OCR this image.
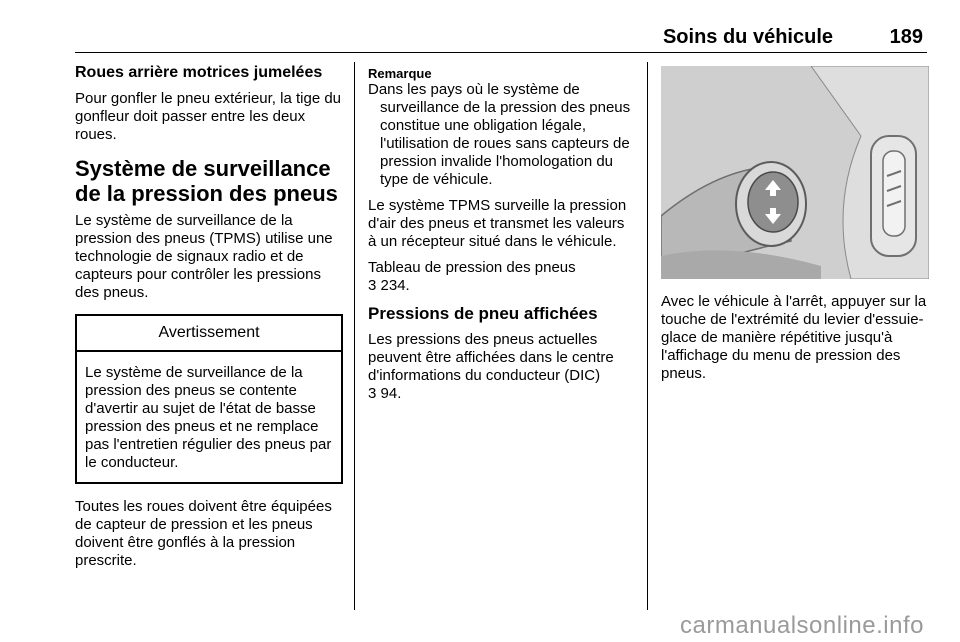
Soins du véhicule	189
Roues arrière motrices jumelées

Pour gonfler le pneu extérieur, la tige du gonfleur doit passer entre les deux roues.

Système de surveillance de la pression des pneus

Le système de surveillance de la pression des pneus (TPMS) utilise une technologie de signaux radio et de capteurs pour contrôler les pressions des pneus.

Avertissement
Le système de surveillance de la pression des pneus se contente d'avertir au sujet de l'état de basse pression des pneus et ne remplace pas l'entretien régulier des pneus par le conducteur.

Toutes les roues doivent être équipées de capteur de pression et les pneus doivent être gonflés à la pression prescrite.

Remarque
Dans les pays où le système de surveillance de la pression des pneus constitue une obligation légale, l'utilisation de roues sans capteurs de pression invalide l'homologation du type de véhicule.

Le système TPMS surveille la pression d'air des pneus et transmet les valeurs à un récepteur situé dans le véhicule.

Tableau de pression des pneus
3 234.

Pressions de pneu affichées

Les pressions des pneus actuelles peuvent être affichées dans le centre d'informations du conducteur (DIC)
3 94.

Avec le véhicule à l'arrêt, appuyer sur la touche de l'extrémité du levier d'essuie-glace de manière répétitive jusqu'à l'affichage du menu de pression des pneus.

carmanualsonline.info
